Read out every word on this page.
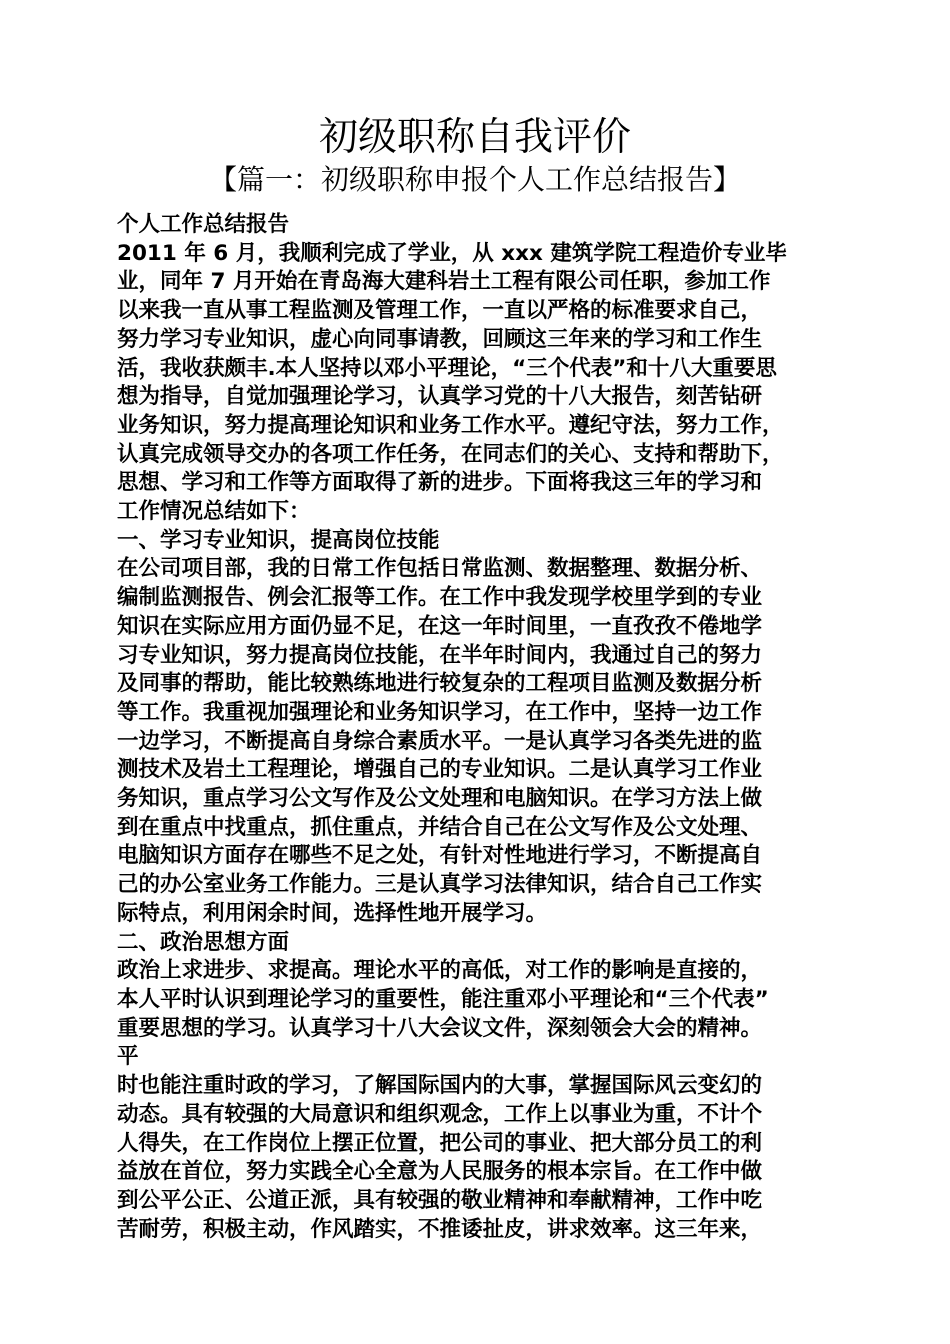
初级职称自我评价
【篇一：初级职称申报个人工作总结报告】
个人工作总结报告
2011 年 6 月，我顺利完成了学业，从 xxx 建筑学院工程造价专业毕
业，同年 7 月开始在青岛海大建科岩土工程有限公司任职，参加工作
以来我一直从事工程监测及管理工作，一直以严格的标准要求自己，
努力学习专业知识，虚心向同事请教，回顾这三年来的学习和工作生
活，我收获颇丰.本人坚持以邓小平理论，“三个代表”和十八大重要思
想为指导，自觉加强理论学习，认真学习党的十八大报告，刻苦钻研
业务知识，努力提高理论知识和业务工作水平。遵纪守法，努力工作，
认真完成领导交办的各项工作任务，在同志们的关心、支持和帮助下，
思想、学习和工作等方面取得了新的进步。下面将我这三年的学习和
工作情况总结如下：
一、学习专业知识，提高岗位技能
在公司项目部，我的日常工作包括日常监测、数据整理、数据分析、
编制监测报告、例会汇报等工作。在工作中我发现学校里学到的专业
知识在实际应用方面仍显不足，在这一年时间里，一直孜孜不倦地学
习专业知识，努力提高岗位技能，在半年时间内，我通过自己的努力
及同事的帮助，能比较熟练地进行较复杂的工程项目监测及数据分析
等工作。我重视加强理论和业务知识学习，在工作中，坚持一边工作
一边学习，不断提高自身综合素质水平。一是认真学习各类先进的监
测技术及岩土工程理论，增强自己的专业知识。二是认真学习工作业
务知识，重点学习公文写作及公文处理和电脑知识。在学习方法上做
到在重点中找重点，抓住重点，并结合自己在公文写作及公文处理、
电脑知识方面存在哪些不足之处，有针对性地进行学习，不断提高自
己的办公室业务工作能力。三是认真学习法律知识，结合自己工作实
际特点，利用闲余时间，选择性地开展学习。
二、政治思想方面
政治上求进步、求提高。理论水平的高低，对工作的影响是直接的，
本人平时认识到理论学习的重要性，能注重邓小平理论和“三个代表”
重要思想的学习。认真学习十八大会议文件，深刻领会大会的精神。
平
时也能注重时政的学习，了解国际国内的大事，掌握国际风云变幻的
动态。具有较强的大局意识和组织观念，工作上以事业为重，不计个
人得失，在工作岗位上摆正位置，把公司的事业、把大部分员工的利
益放在首位，努力实践全心全意为人民服务的根本宗旨。在工作中做
到公平公正、公道正派，具有较强的敬业精神和奉献精神，工作中吃
苦耐劳，积极主动，作风踏实，不推诿扯皮，讲求效率。这三年来，
